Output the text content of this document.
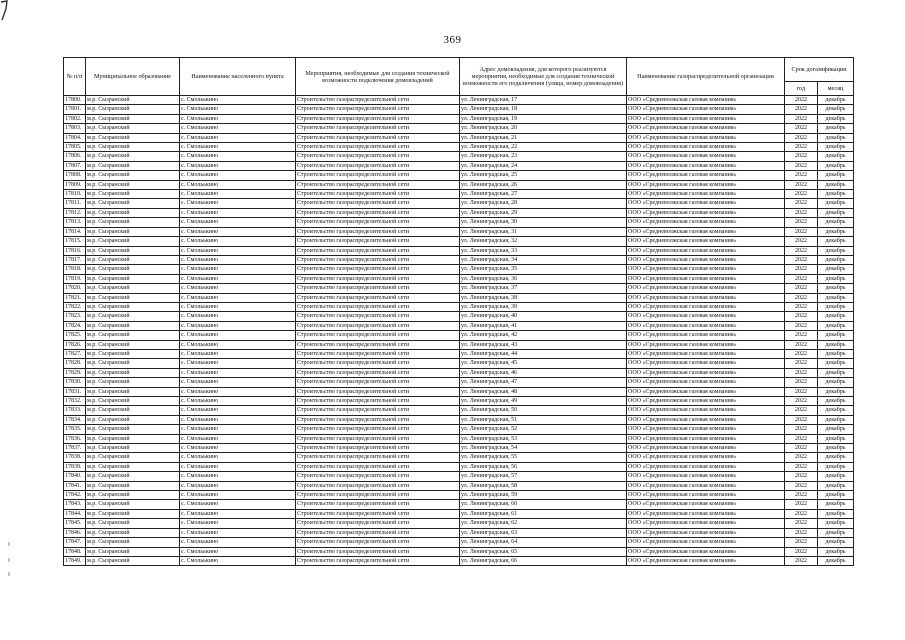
369
№ п/п	Муниципальное образование	Наименование населенного пункта	Мероприятия, необходимые для создания технической возможности подключения домовладений	Адрес домовладения, для которого реализуются мероприятия, необходимые для создания технической возможности его подключения (улица, номер домовладения)	Наименование газораспределительной организации	Срок догазификации	
						год	месяц
17800.	м.р. Сызранский	с. Смольькино	Строительство газораспределительной сети	ул. Ленинградская, 17	ООО «Средневолжская газовая компания»	2022	декабрь
17801.	м.р. Сызранский	с. Смольькино	Строительство газораспределительной сети	ул. Ленинградская, 18	ООО «Средневолжская газовая компания»	2022	декабрь
17802.	м.р. Сызранский	с. Смольькино	Строительство газораспределительной сети	ул. Ленинградская, 19	ООО «Средневолжская газовая компания»	2022	декабрь
17803.	м.р. Сызранский	с. Смольькино	Строительство газораспределительной сети	ул. Ленинградская, 20	ООО «Средневолжская газовая компания»	2022	декабрь
17804.	м.р. Сызранский	с. Смольькино	Строительство газораспределительной сети	ул. Ленинградская, 21	ООО «Средневолжская газовая компания»	2022	декабрь
17805.	м.р. Сызранский	с. Смольькино	Строительство газораспределительной сети	ул. Ленинградская, 22	ООО «Средневолжская газовая компания»	2022	декабрь
17806.	м.р. Сызранский	с. Смольькино	Строительство газораспределительной сети	ул. Ленинградская, 23	ООО «Средневолжская газовая компания»	2022	декабрь
17807.	м.р. Сызранский	с. Смольькино	Строительство газораспределительной сети	ул. Ленинградская, 24	ООО «Средневолжская газовая компания»	2022	декабрь
17808.	м.р. Сызранский	с. Смольькино	Строительство газораспределительной сети	ул. Ленинградская, 25	ООО «Средневолжская газовая компания»	2022	декабрь
17809.	м.р. Сызранский	с. Смольькино	Строительство газораспределительной сети	ул. Ленинградская, 26	ООО «Средневолжская газовая компания»	2022	декабрь
17810.	м.р. Сызранский	с. Смольькино	Строительство газораспределительной сети	ул. Ленинградская, 27	ООО «Средневолжская газовая компания»	2022	декабрь
17811.	м.р. Сызранский	с. Смольькино	Строительство газораспределительной сети	ул. Ленинградская, 28	ООО «Средневолжская газовая компания»	2022	декабрь
17812.	м.р. Сызранский	с. Смольькино	Строительство газораспределительной сети	ул. Ленинградская, 29	ООО «Средневолжская газовая компания»	2022	декабрь
17813.	м.р. Сызранский	с. Смольькино	Строительство газораспределительной сети	ул. Ленинградская, 30	ООО «Средневолжская газовая компания»	2022	декабрь
17814.	м.р. Сызранский	с. Смольькино	Строительство газораспределительной сети	ул. Ленинградская, 31	ООО «Средневолжская газовая компания»	2022	декабрь
17815.	м.р. Сызранский	с. Смольькино	Строительство газораспределительной сети	ул. Ленинградская, 32	ООО «Средневолжская газовая компания»	2022	декабрь
17816.	м.р. Сызранский	с. Смольькино	Строительство газораспределительной сети	ул. Ленинградская, 33	ООО «Средневолжская газовая компания»	2022	декабрь
17817.	м.р. Сызранский	с. Смольькино	Строительство газораспределительной сети	ул. Ленинградская, 34	ООО «Средневолжская газовая компания»	2022	декабрь
17818.	м.р. Сызранский	с. Смольькино	Строительство газораспределительной сети	ул. Ленинградская, 35	ООО «Средневолжская газовая компания»	2022	декабрь
17819.	м.р. Сызранский	с. Смольькино	Строительство газораспределительной сети	ул. Ленинградская, 36	ООО «Средневолжская газовая компания»	2022	декабрь
17820.	м.р. Сызранский	с. Смольькино	Строительство газораспределительной сети	ул. Ленинградская, 37	ООО «Средневолжская газовая компания»	2022	декабрь
17821.	м.р. Сызранский	с. Смольькино	Строительство газораспределительной сети	ул. Ленинградская, 38	ООО «Средневолжская газовая компания»	2022	декабрь
17822.	м.р. Сызранский	с. Смольькино	Строительство газораспределительной сети	ул. Ленинградская, 39	ООО «Средневолжская газовая компания»	2022	декабрь
17823.	м.р. Сызранский	с. Смольькино	Строительство газораспределительной сети	ул. Ленинградская, 40	ООО «Средневолжская газовая компания»	2022	декабрь
17824.	м.р. Сызранский	с. Смольькино	Строительство газораспределительной сети	ул. Ленинградская, 41	ООО «Средневолжская газовая компания»	2022	декабрь
17825.	м.р. Сызранский	с. Смольькино	Строительство газораспределительной сети	ул. Ленинградская, 42	ООО «Средневолжская газовая компания»	2022	декабрь
17826.	м.р. Сызранский	с. Смольькино	Строительство газораспределительной сети	ул. Ленинградская, 43	ООО «Средневолжская газовая компания»	2022	декабрь
17827.	м.р. Сызранский	с. Смольькино	Строительство газораспределительной сети	ул. Ленинградская, 44	ООО «Средневолжская газовая компания»	2022	декабрь
17828.	м.р. Сызранский	с. Смольькино	Строительство газораспределительной сети	ул. Ленинградская, 45	ООО «Средневолжская газовая компания»	2022	декабрь
17829.	м.р. Сызранский	с. Смольькино	Строительство газораспределительной сети	ул. Ленинградская, 46	ООО «Средневолжская газовая компания»	2022	декабрь
17830.	м.р. Сызранский	с. Смольькино	Строительство газораспределительной сети	ул. Ленинградская, 47	ООО «Средневолжская газовая компания»	2022	декабрь
17831.	м.р. Сызранский	с. Смольькино	Строительство газораспределительной сети	ул. Ленинградская, 48	ООО «Средневолжская газовая компания»	2022	декабрь
17832.	м.р. Сызранский	с. Смольькино	Строительство газораспределительной сети	ул. Ленинградская, 49	ООО «Средневолжская газовая компания»	2022	декабрь
17833.	м.р. Сызранский	с. Смольькино	Строительство газораспределительной сети	ул. Ленинградская, 50	ООО «Средневолжская газовая компания»	2022	декабрь
17834.	м.р. Сызранский	с. Смольькино	Строительство газораспределительной сети	ул. Ленинградская, 51	ООО «Средневолжская газовая компания»	2022	декабрь
17835.	м.р. Сызранский	с. Смольькино	Строительство газораспределительной сети	ул. Ленинградская, 52	ООО «Средневолжская газовая компания»	2022	декабрь
17836.	м.р. Сызранский	с. Смольькино	Строительство газораспределительной сети	ул. Ленинградская, 53	ООО «Средневолжская газовая компания»	2022	декабрь
17837.	м.р. Сызранский	с. Смольькино	Строительство газораспределительной сети	ул. Ленинградская, 54	ООО «Средневолжская газовая компания»	2022	декабрь
17838.	м.р. Сызранский	с. Смольькино	Строительство газораспределительной сети	ул. Ленинградская, 55	ООО «Средневолжская газовая компания»	2022	декабрь
17839.	м.р. Сызранский	с. Смольькино	Строительство газораспределительной сети	ул. Ленинградская, 56	ООО «Средневолжская газовая компания»	2022	декабрь
17840.	м.р. Сызранский	с. Смольькино	Строительство газораспределительной сети	ул. Ленинградская, 57	ООО «Средневолжская газовая компания»	2022	декабрь
17841.	м.р. Сызранский	с. Смольькино	Строительство газораспределительной сети	ул. Ленинградская, 58	ООО «Средневолжская газовая компания»	2022	декабрь
17842.	м.р. Сызранский	с. Смольькино	Строительство газораспределительной сети	ул. Ленинградская, 59	ООО «Средневолжская газовая компания»	2022	декабрь
17843.	м.р. Сызранский	с. Смольькино	Строительство газораспределительной сети	ул. Ленинградская, 60	ООО «Средневолжская газовая компания»	2022	декабрь
17844.	м.р. Сызранский	с. Смольькино	Строительство газораспределительной сети	ул. Ленинградская, 61	ООО «Средневолжская газовая компания»	2022	декабрь
17845.	м.р. Сызранский	с. Смольькино	Строительство газораспределительной сети	ул. Ленинградская, 62	ООО «Средневолжская газовая компания»	2022	декабрь
17846.	м.р. Сызранский	с. Смольькино	Строительство газораспределительной сети	ул. Ленинградская, 63	ООО «Средневолжская газовая компания»	2022	декабрь
17847.	м.р. Сызранский	с. Смольькино	Строительство газораспределительной сети	ул. Ленинградская, 64	ООО «Средневолжская газовая компания»	2022	декабрь
17848.	м.р. Сызранский	с. Смольькино	Строительство газораспределительной сети	ул. Ленинградская, 65	ООО «Средневолжская газовая компания»	2022	декабрь
17849.	м.р. Сызранский	с. Смольькино	Строительство газораспределительной сети	ул. Ленинградская, 66	ООО «Средневолжская газовая компания»	2022	декабрь
